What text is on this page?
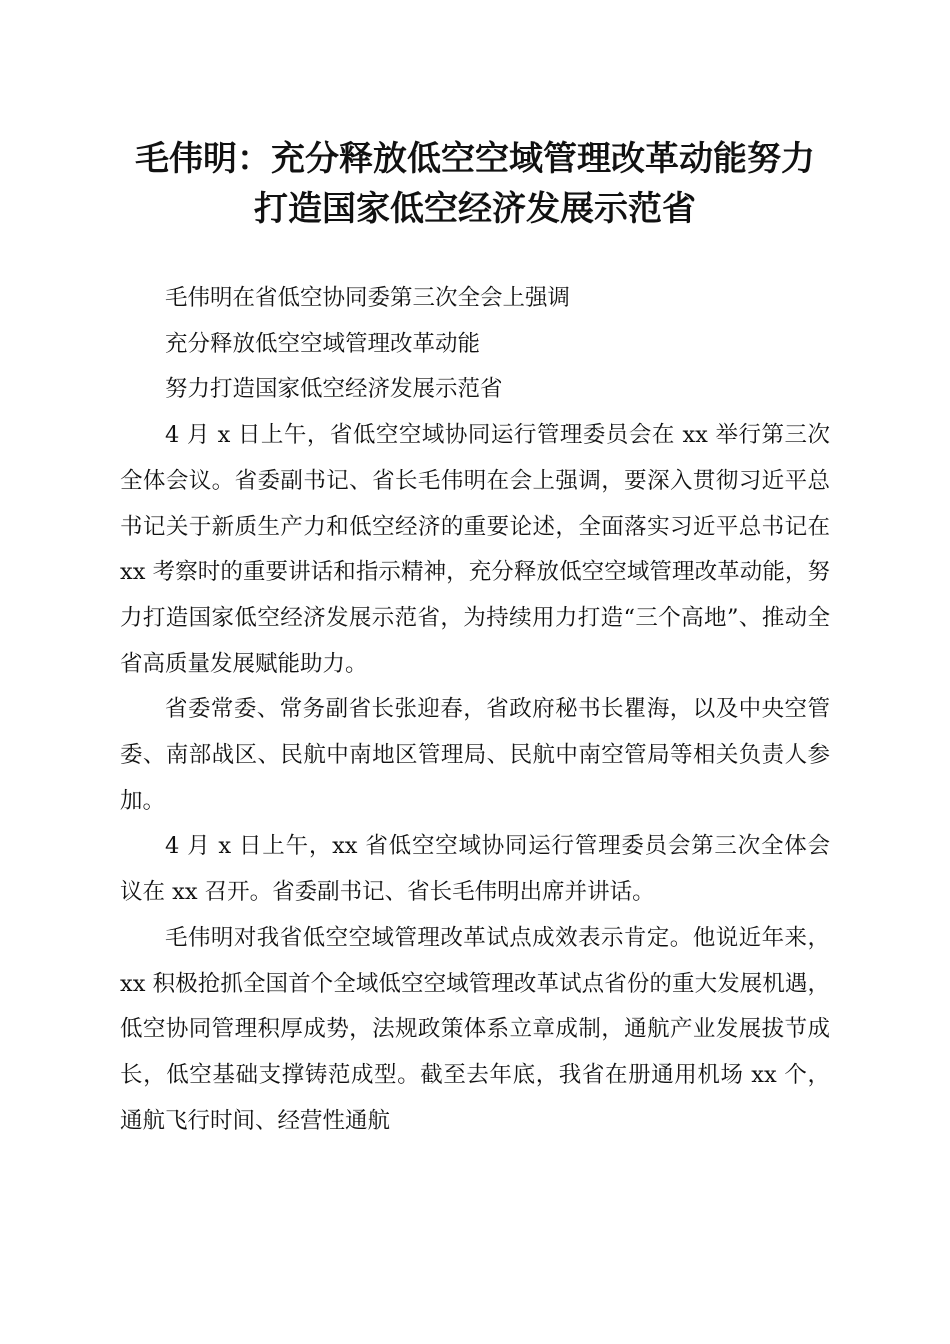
毛伟明：充分释放低空空域管理改革动能努力
打造国家低空经济发展示范省

毛伟明在省低空协同委第三次全会上强调

充分释放低空空域管理改革动能

努力打造国家低空经济发展示范省

4 月 x 日上午，省低空空域协同运行管理委员会在 xx 举行第三次全体会议。省委副书记、省长毛伟明在会上强调，要深入贯彻习近平总书记关于新质生产力和低空经济的重要论述，全面落实习近平总书记在 xx 考察时的重要讲话和指示精神，充分释放低空空域管理改革动能，努力打造国家低空经济发展示范省，为持续用力打造“三个高地”、推动全省高质量发展赋能助力。

省委常委、常务副省长张迎春，省政府秘书长瞿海，以及中央空管委、南部战区、民航中南地区管理局、民航中南空管局等相关负责人参加。

4 月 x 日上午，xx 省低空空域协同运行管理委员会第三次全体会议在 xx 召开。省委副书记、省长毛伟明出席并讲话。

毛伟明对我省低空空域管理改革试点成效表示肯定。他说近年来，xx 积极抢抓全国首个全域低空空域管理改革试点省份的重大发展机遇，低空协同管理积厚成势，法规政策体系立章成制，通航产业发展拔节成长，低空基础支撑铸范成型。截至去年底，我省在册通用机场 xx 个，通航飞行时间、经营性通航
